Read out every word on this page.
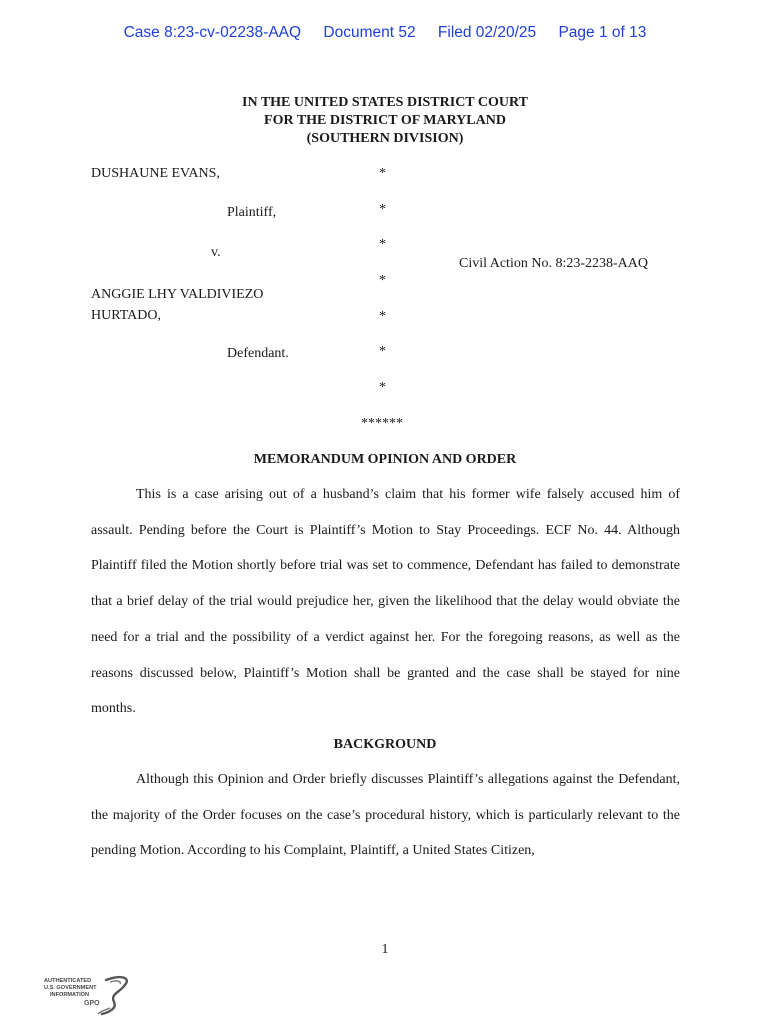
Case 8:23-cv-02238-AAQ Document 52 Filed 02/20/25 Page 1 of 13
IN THE UNITED STATES DISTRICT COURT
FOR THE DISTRICT OF MARYLAND
(SOUTHERN DIVISION)
DUSHAUNE EVANS,
Plaintiff,
v.
ANGGIE LHY VALDIVIEZO
HURTADO,
Defendant.
Civil Action No. 8:23-2238-AAQ
*
*
*
*
*
*
*
******
MEMORANDUM OPINION AND ORDER

This is a case arising out of a husband’s claim that his former wife falsely accused him of assault. Pending before the Court is Plaintiff’s Motion to Stay Proceedings. ECF No. 44. Although Plaintiff filed the Motion shortly before trial was set to commence, Defendant has failed to demonstrate that a brief delay of the trial would prejudice her, given the likelihood that the delay would obviate the need for a trial and the possibility of a verdict against her. For the foregoing reasons, as well as the reasons discussed below, Plaintiff’s Motion shall be granted and the case shall be stayed for nine months.

BACKGROUND

Although this Opinion and Order briefly discusses Plaintiff’s allegations against the Defendant, the majority of the Order focuses on the case’s procedural history, which is particularly relevant to the pending Motion. According to his Complaint, Plaintiff, a United States Citizen,

1
AUTHENTICATED
U.S. GOVERNMENT
INFORMATION
GPO
